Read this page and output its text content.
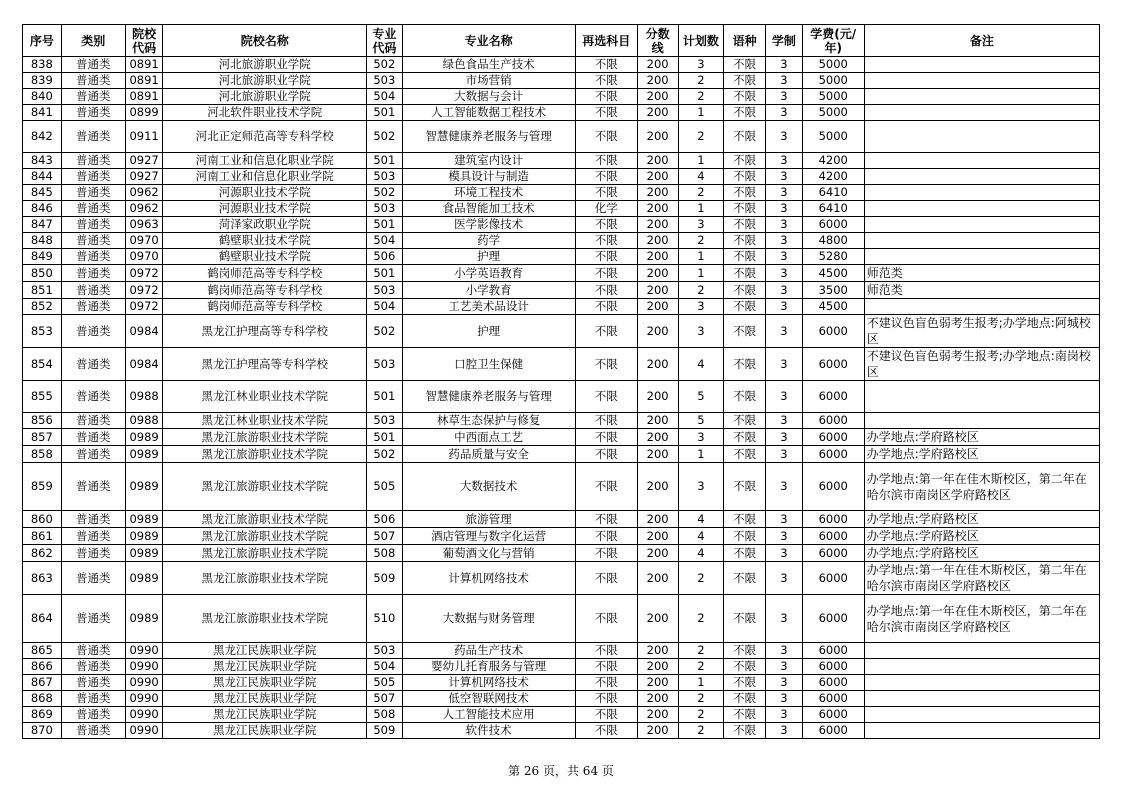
序号	类别	院校代码	院校名称	专业代码	专业名称	再选科目	分数线	计划数	语种	学制	学费(元/年)	备注
838	普通类	0891	河北旅游职业学院	502	绿色食品生产技术	不限	200	3	不限	3	5000	
839	普通类	0891	河北旅游职业学院	503	市场营销	不限	200	2	不限	3	5000	
840	普通类	0891	河北旅游职业学院	504	大数据与会计	不限	200	2	不限	3	5000	
841	普通类	0899	河北软件职业技术学院	501	人工智能数据工程技术	不限	200	1	不限	3	5000	
842	普通类	0911	河北正定师范高等专科学校	502	智慧健康养老服务与管理	不限	200	2	不限	3	5000	
843	普通类	0927	河南工业和信息化职业学院	501	建筑室内设计	不限	200	1	不限	3	4200	
844	普通类	0927	河南工业和信息化职业学院	503	模具设计与制造	不限	200	4	不限	3	4200	
845	普通类	0962	河源职业技术学院	502	环境工程技术	不限	200	2	不限	3	6410	
846	普通类	0962	河源职业技术学院	503	食品智能加工技术	化学	200	1	不限	3	6410	
847	普通类	0963	菏泽家政职业学院	501	医学影像技术	不限	200	3	不限	3	6000	
848	普通类	0970	鹤壁职业技术学院	504	药学	不限	200	2	不限	3	4800	
849	普通类	0970	鹤壁职业技术学院	506	护理	不限	200	1	不限	3	5280	
850	普通类	0972	鹤岗师范高等专科学校	501	小学英语教育	不限	200	1	不限	3	4500	师范类
851	普通类	0972	鹤岗师范高等专科学校	503	小学教育	不限	200	2	不限	3	3500	师范类
852	普通类	0972	鹤岗师范高等专科学校	504	工艺美术品设计	不限	200	3	不限	3	4500	
853	普通类	0984	黑龙江护理高等专科学校	502	护理	不限	200	3	不限	3	6000	不建议色盲色弱考生报考;办学地点:阿城校区
854	普通类	0984	黑龙江护理高等专科学校	503	口腔卫生保健	不限	200	4	不限	3	6000	不建议色盲色弱考生报考;办学地点:南岗校区
855	普通类	0988	黑龙江林业职业技术学院	501	智慧健康养老服务与管理	不限	200	5	不限	3	6000	
856	普通类	0988	黑龙江林业职业技术学院	503	林草生态保护与修复	不限	200	5	不限	3	6000	
857	普通类	0989	黑龙江旅游职业技术学院	501	中西面点工艺	不限	200	3	不限	3	6000	办学地点:学府路校区
858	普通类	0989	黑龙江旅游职业技术学院	502	药品质量与安全	不限	200	1	不限	3	6000	办学地点:学府路校区
859	普通类	0989	黑龙江旅游职业技术学院	505	大数据技术	不限	200	3	不限	3	6000	办学地点:第一年在佳木斯校区，第二年在哈尔滨市南岗区学府路校区
860	普通类	0989	黑龙江旅游职业技术学院	506	旅游管理	不限	200	4	不限	3	6000	办学地点:学府路校区
861	普通类	0989	黑龙江旅游职业技术学院	507	酒店管理与数字化运营	不限	200	4	不限	3	6000	办学地点:学府路校区
862	普通类	0989	黑龙江旅游职业技术学院	508	葡萄酒文化与营销	不限	200	4	不限	3	6000	办学地点:学府路校区
863	普通类	0989	黑龙江旅游职业技术学院	509	计算机网络技术	不限	200	2	不限	3	6000	办学地点:第一年在佳木斯校区，第二年在哈尔滨市南岗区学府路校区
864	普通类	0989	黑龙江旅游职业技术学院	510	大数据与财务管理	不限	200	2	不限	3	6000	办学地点:第一年在佳木斯校区，第二年在哈尔滨市南岗区学府路校区
865	普通类	0990	黑龙江民族职业学院	503	药品生产技术	不限	200	2	不限	3	6000	
866	普通类	0990	黑龙江民族职业学院	504	婴幼儿托育服务与管理	不限	200	2	不限	3	6000	
867	普通类	0990	黑龙江民族职业学院	505	计算机网络技术	不限	200	1	不限	3	6000	
868	普通类	0990	黑龙江民族职业学院	507	低空智联网技术	不限	200	2	不限	3	6000	
869	普通类	0990	黑龙江民族职业学院	508	人工智能技术应用	不限	200	2	不限	3	6000	
870	普通类	0990	黑龙江民族职业学院	509	软件技术	不限	200	2	不限	3	6000	
第 26 页，共 64 页
